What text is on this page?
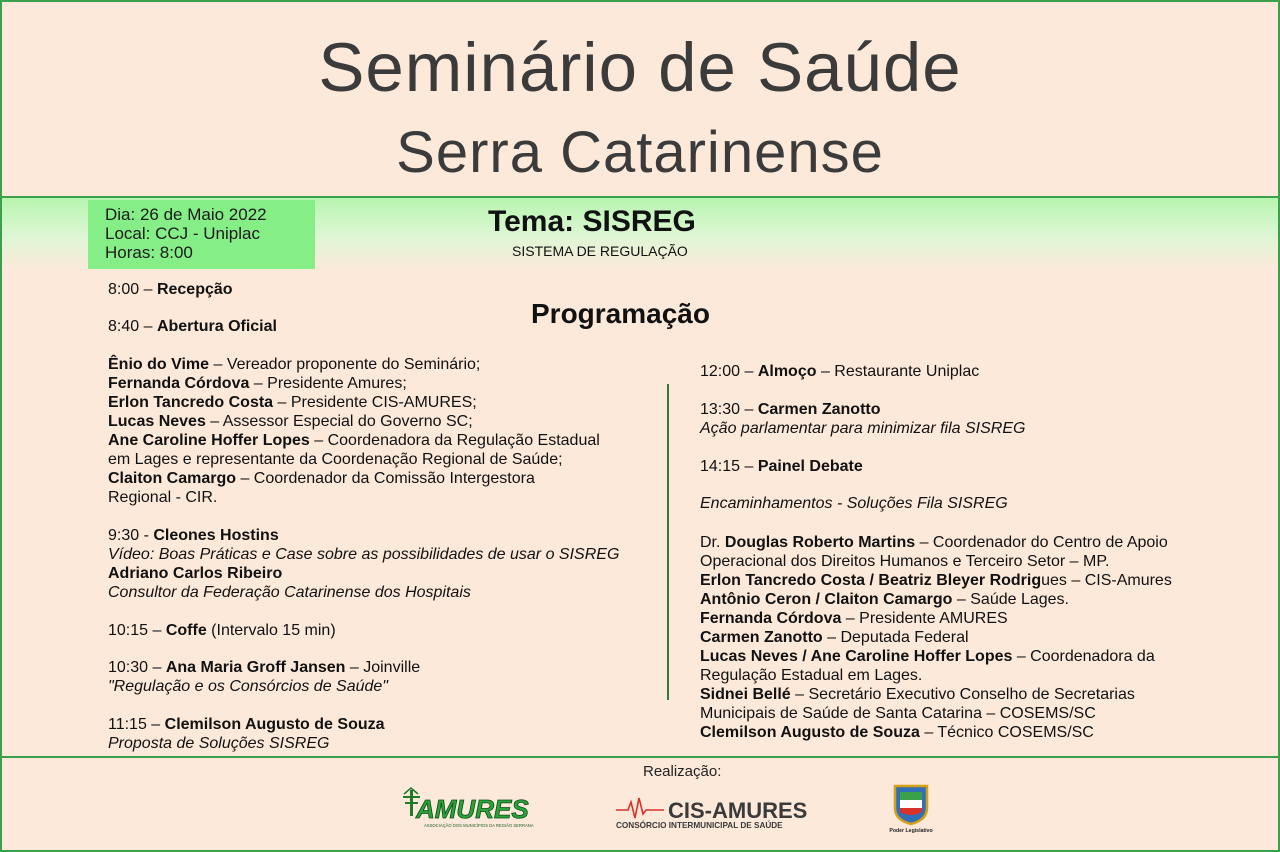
Seminário de Saúde
Serra Catarinense
Dia: 26 de Maio 2022
Local: CCJ - Uniplac
Horas: 8:00
Tema: SISREG
SISTEMA DE REGULAÇÃO
Programação
8:00 – Recepção
8:40 – Abertura Oficial
Ênio do Vime – Vereador proponente do Seminário;
Fernanda Córdova – Presidente Amures;
Erlon Tancredo Costa – Presidente CIS-AMURES;
Lucas Neves – Assessor Especial do Governo SC;
Ane Caroline Hoffer Lopes – Coordenadora da Regulação Estadual
em Lages e representante da Coordenação Regional de Saúde;
Claiton Camargo – Coordenador da Comissão Intergestora
Regional - CIR.
9:30 - Cleones Hostins
Vídeo: Boas Práticas e Case sobre as possibilidades de usar o SISREG
Adriano Carlos Ribeiro
Consultor da Federação Catarinense dos Hospitais
10:15 – Coffe (Intervalo 15 min)
10:30 – Ana Maria Groff Jansen – Joinville
"Regulação e os Consórcios de Saúde"
11:15 – Clemilson Augusto de Souza
Proposta de Soluções SISREG
12:00 – Almoço – Restaurante Uniplac
13:30 – Carmen Zanotto
Ação parlamentar para minimizar fila SISREG
14:15 – Painel Debate
Encaminhamentos - Soluções Fila SISREG
Dr. Douglas Roberto Martins – Coordenador do Centro de Apoio
Operacional dos Direitos Humanos e Terceiro Setor – MP.
Erlon Tancredo Costa / Beatriz Bleyer Rodrigues – CIS-Amures
Antônio Ceron / Claiton Camargo – Saúde Lages.
Fernanda Córdova – Presidente AMURES
Carmen Zanotto – Deputada Federal
Lucas Neves / Ane Caroline Hoffer Lopes – Coordenadora da
Regulação Estadual em Lages.
Sidnei Bellé – Secretário Executivo Conselho de Secretarias
Municipais de Saúde de Santa Catarina – COSEMS/SC
Clemilson Augusto de Souza – Técnico COSEMS/SC
Realização:
AMURES
ASSOCIAÇÃO DOS MUNICÍPIOS DA REGIÃO SERRANA
CIS-AMURES
CONSÓRCIO INTERMUNICIPAL DE SAÚDE
Poder Legislativo
